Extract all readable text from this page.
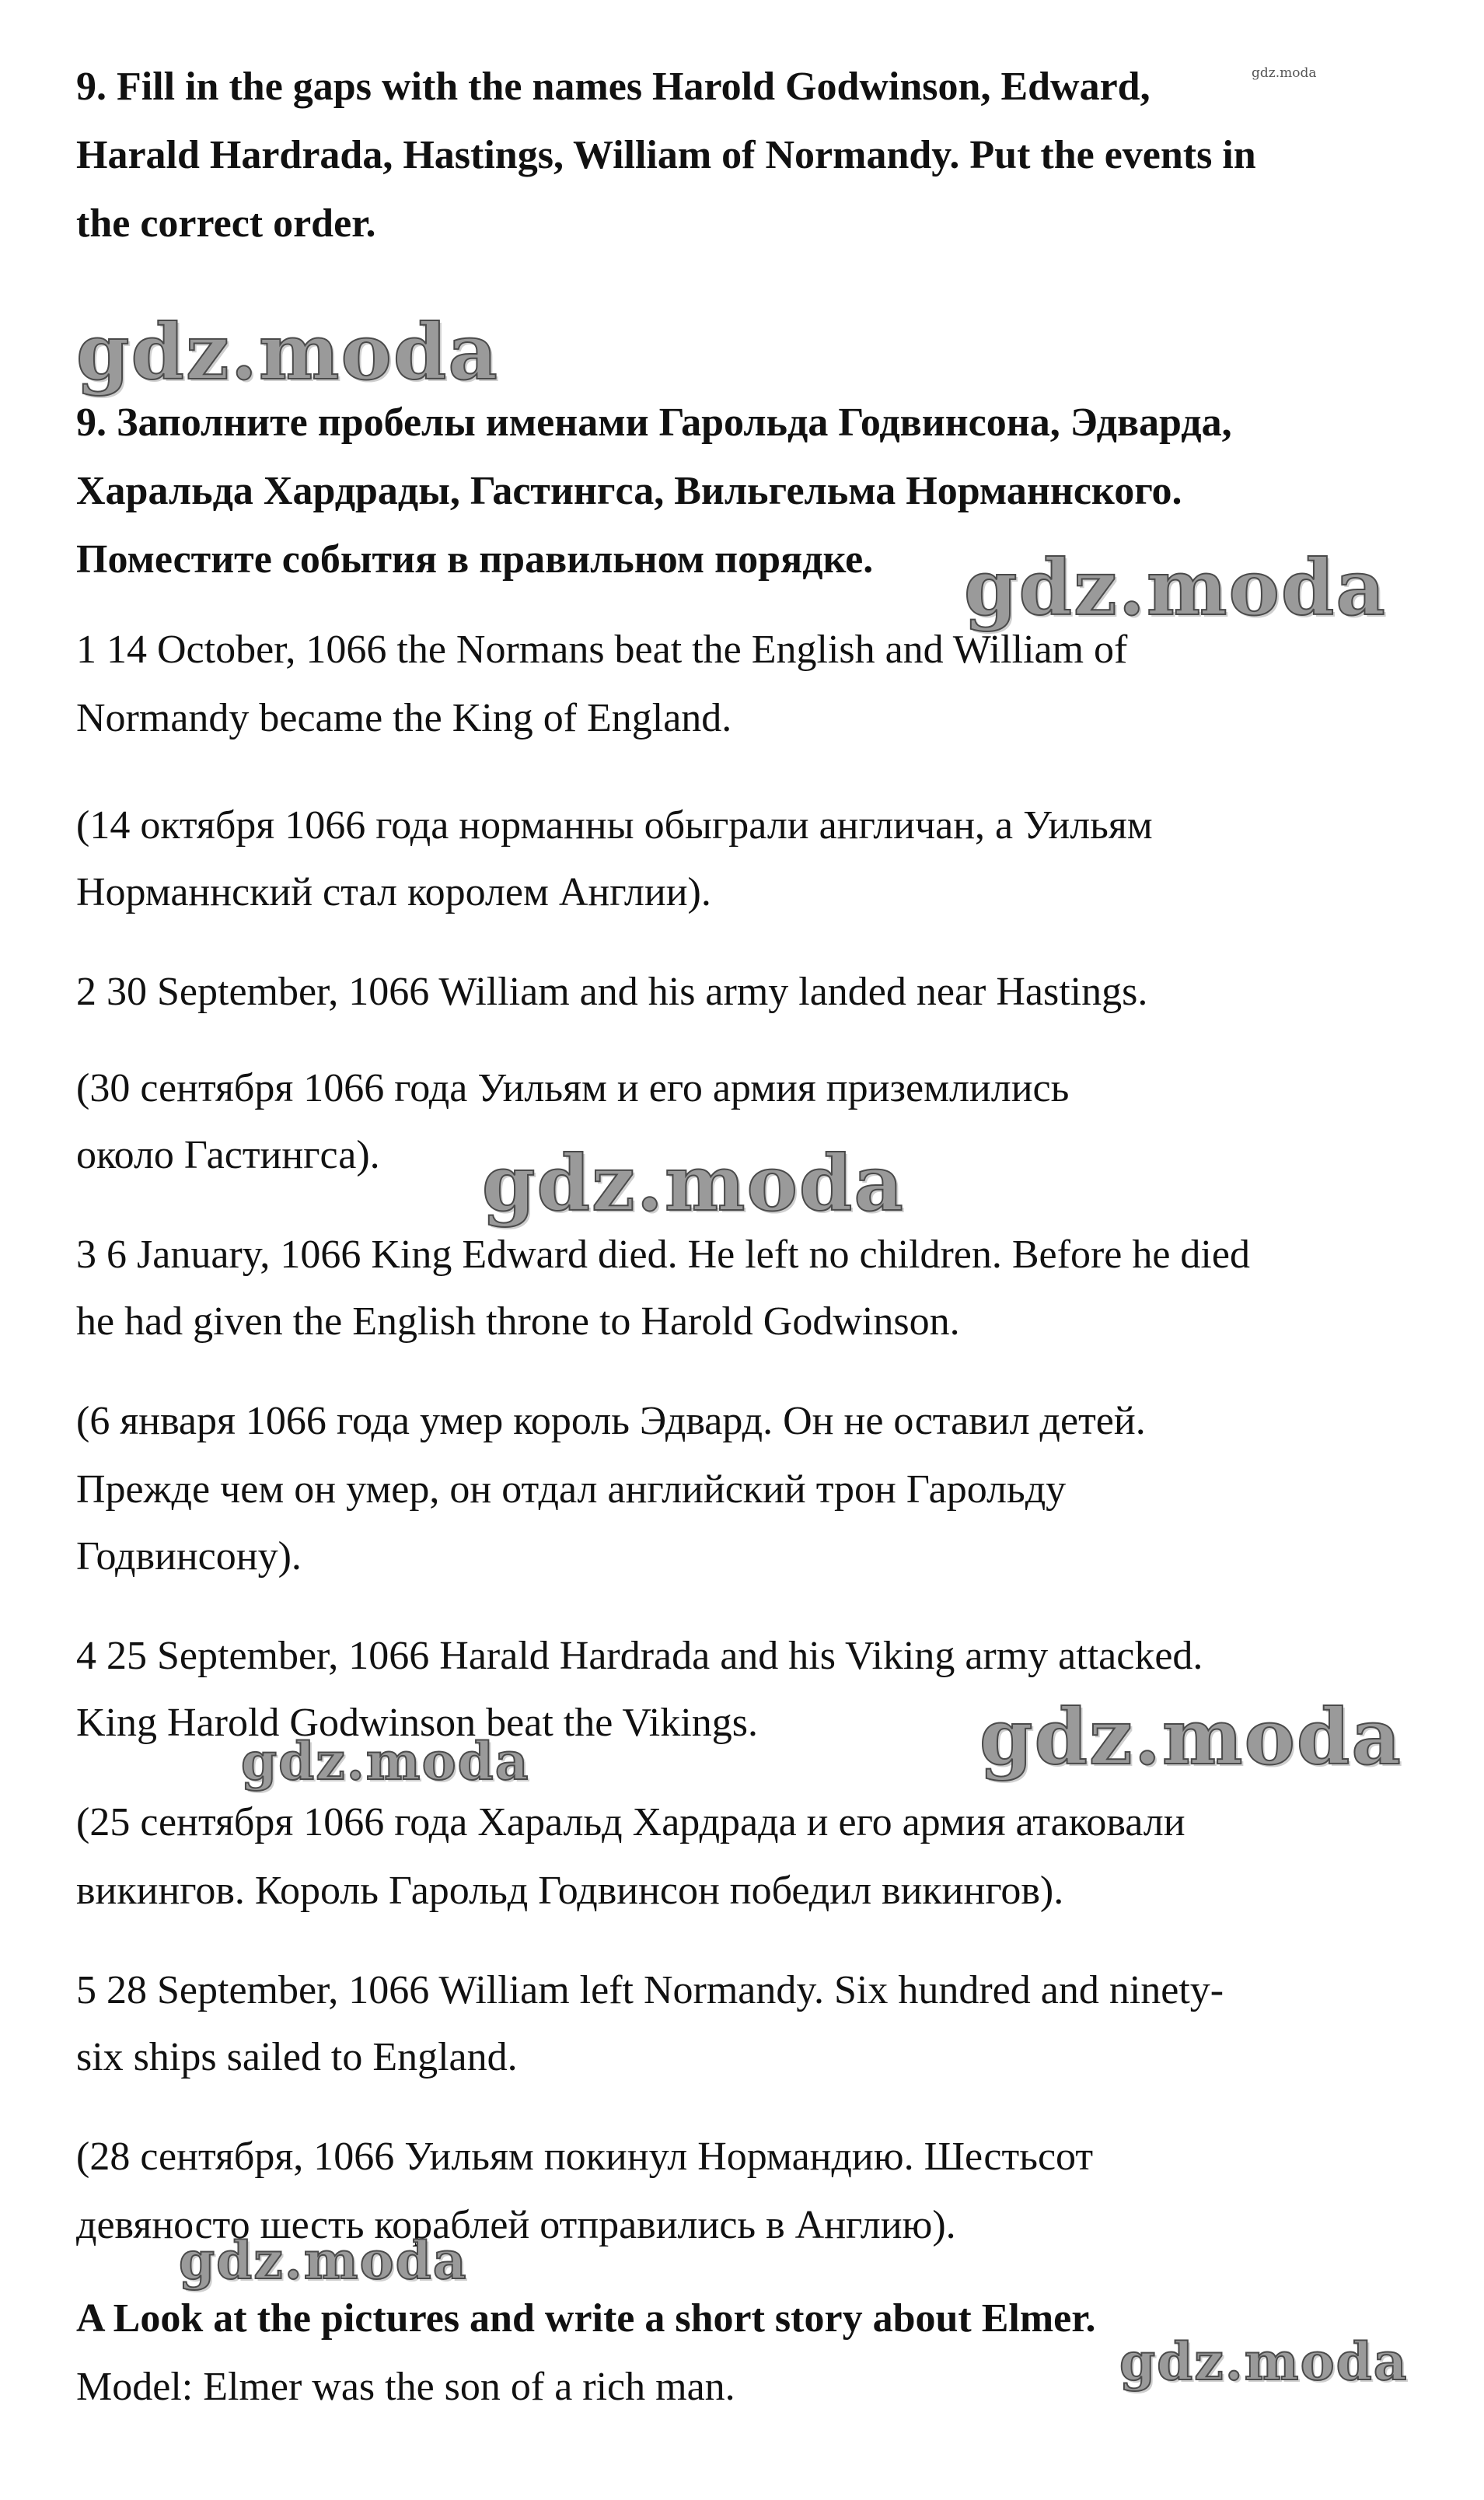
9. Fill in the gaps with the names Harold Godwinson, Edward,
Harald Hardrada, Hastings, William of Normandy. Put the events in
the correct order.
9. Заполните пробелы именами Гарольда Годвинсона, Эдварда,
Харальда Хардрады, Гастингса, Вильгельма Норманнского.
Поместите события в правильном порядке.
1 14 October, 1066 the Normans beat the English and William of
Normandy became the King of England.
(14 октября 1066 года норманны обыграли англичан, а Уильям
Норманнский стал королем Англии).
2 30 September, 1066 William and his army landed near Hastings.
(30 сентября 1066 года Уильям и его армия приземлились
около Гастингса).
3 6 January, 1066 King Edward died. He left no children. Before he died
he had given the English throne to Harold Godwinson.
(6 января 1066 года умер король Эдвард. Он не оставил детей.
Прежде чем он умер, он отдал английский трон Гарольду
Годвинсону).
4 25 September, 1066 Harald Hardrada and his Viking army attacked.
King Harold Godwinson beat the Vikings.
(25 сентября 1066 года Харальд Хардрада и его армия атаковали
викингов. Король Гарольд Годвинсон победил викингов).
5 28 September, 1066 William left Normandy. Six hundred and ninety-
six ships sailed to England.
(28 сентября, 1066 Уильям покинул Нормандию. Шестьсот
девяносто шесть кораблей отправились в Англию).
A Look at the pictures and write a short story about Elmer.
Model: Elmer was the son of a rich man.
gdz.moda
gdz.moda
gdz.moda
gdz.moda
gdz.moda
gdz.moda
gdz.moda
gdz.moda
